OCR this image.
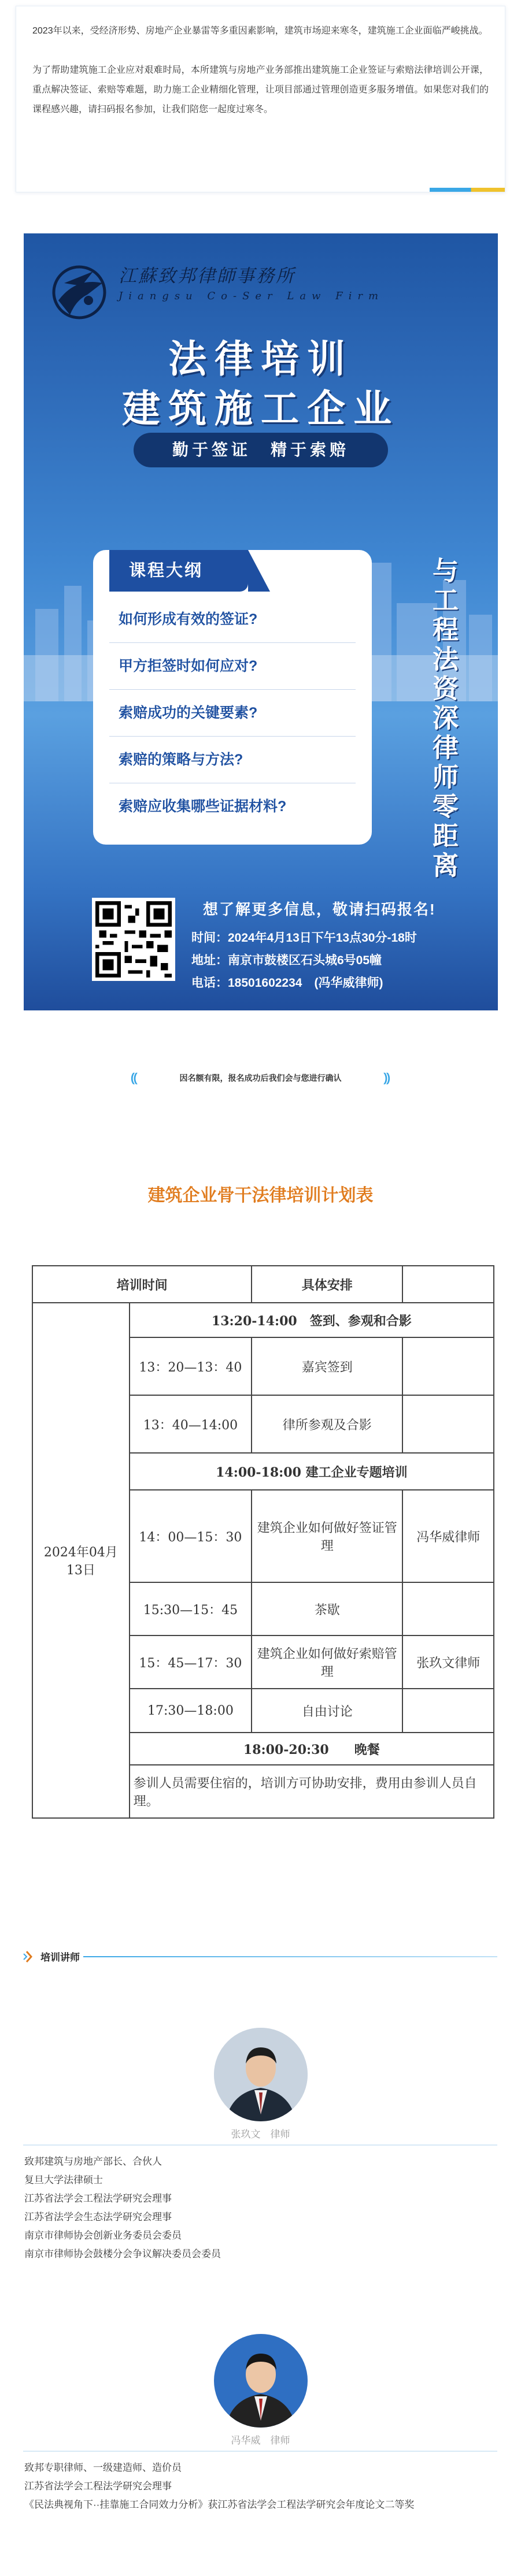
2023年以来，受经济形势、房地产企业暴雷等多重因素影响，建筑市场迎来寒冬，建筑施工企业面临严峻挑战。

为了帮助建筑施工企业应对艰难时局，本所建筑与房地产业务部推出建筑施工企业签证与索赔法律培训公开课，重点解决签证、索赔等难题，助力施工企业精细化管理，让项目部通过管理创造更多服务增值。如果您对我们的课程感兴趣，请扫码报名参加，让我们陪您一起度过寒冬。

江蘇致邦律師事務所
Jiangsu Co-Ser Law Firm
法律培训
建筑施工企业
勤于签证　精于索赔
课程大纲
如何形成有效的签证?
甲方拒签时如何应对?
索赔成功的关键要素?
索赔的策略与方法?
索赔应收集哪些证据材料?	与工程法资深律师零距离
想了解更多信息，敬请扫码报名!
时间：2024年4月13日下午13点30分-18时
地址：南京市鼓楼区石头城6号05幢
电话：18501602234　(冯华威律师)
⸨	因名额有限，报名成功后我们会与您进行确认	⸩
建筑企业骨干法律培训计划表
培训时间		具体安排	
2024年04月13日	13:20-14:00　签到、参观和合影		
	13：20—13：40	嘉宾签到	
	13：40—14:00	律所参观及合影	
	14:00-18:00 建工企业专题培训		
	14：00—15：30	建筑企业如何做好签证管理	冯华威律师
	15:30—15：45	茶歇	
	15：45—17：30	建筑企业如何做好索赔管理	张玖文律师
	17:30—18:00	自由讨论	
	18:00-20:30　　晚餐		
	参训人员需要住宿的，培训方可协助安排，费用由参训人员自理。		
培训讲师
张玖文　律师
致邦建筑与房地产部长、合伙人
复旦大学法律硕士
江苏省法学会工程法学研究会理事
江苏省法学会生态法学研究会理事
南京市律师协会创新业务委员会委员
南京市律师协会鼓楼分会争议解决委员会委员
冯华威　律师
致邦专职律师、一级建造师、造价员
江苏省法学会工程法学研究会理事
《民法典视角下··挂靠施工合同效力分析》获江苏省法学会工程法学研究会年度论文二等奖
